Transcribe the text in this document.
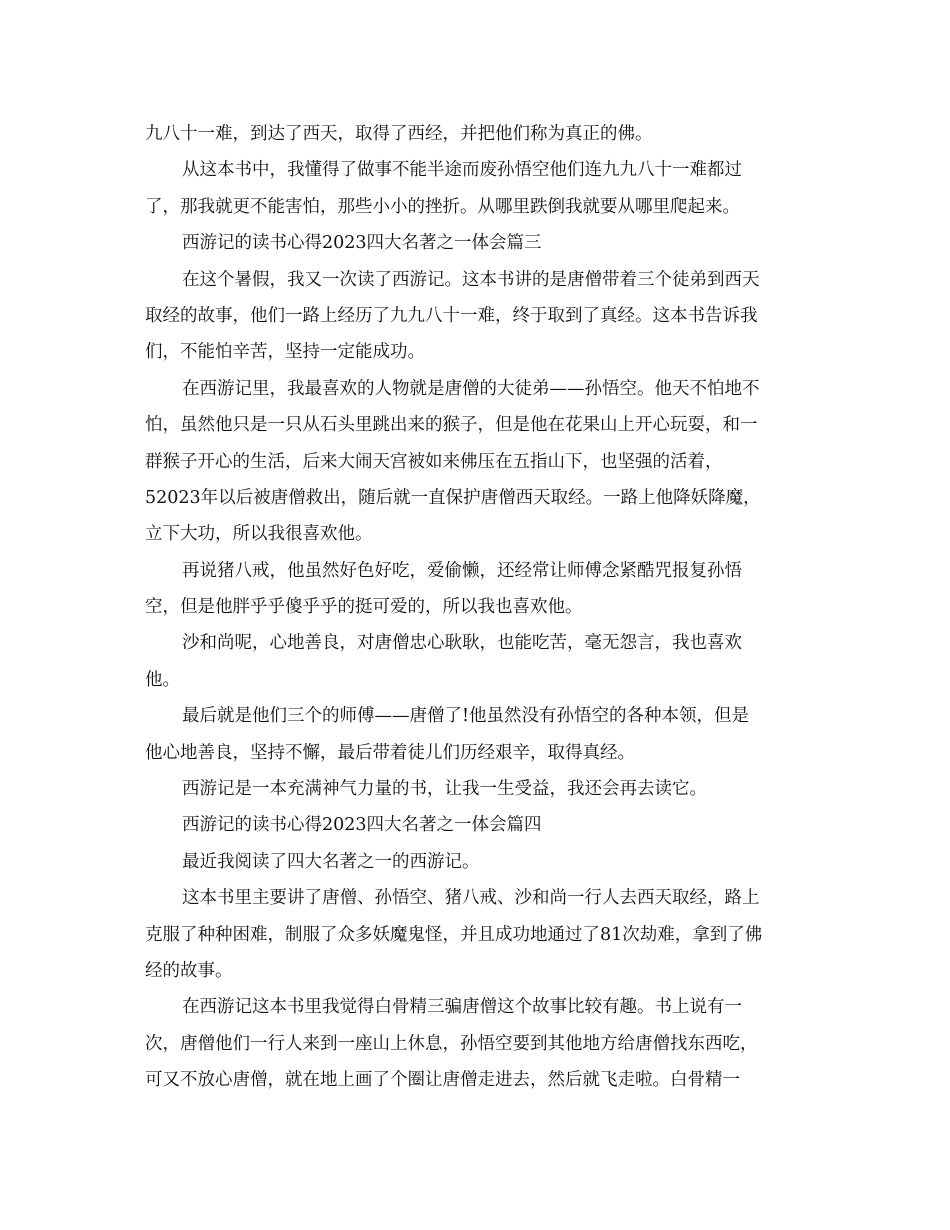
九八十一难，到达了西天，取得了西经，并把他们称为真正的佛。
从这本书中，我懂得了做事不能半途而废孙悟空他们连九九八十一难都过
了，那我就更不能害怕，那些小小的挫折。从哪里跌倒我就要从哪里爬起来。
西游记的读书心得2023四大名著之一体会篇三
在这个暑假，我又一次读了西游记。这本书讲的是唐僧带着三个徒弟到西天
取经的故事，他们一路上经历了九九八十一难，终于取到了真经。这本书告诉我
们，不能怕辛苦，坚持一定能成功。
在西游记里，我最喜欢的人物就是唐僧的大徒弟——孙悟空。他天不怕地不
怕，虽然他只是一只从石头里跳出来的猴子，但是他在花果山上开心玩耍，和一
群猴子开心的生活，后来大闹天宫被如来佛压在五指山下，也坚强的活着，
52023年以后被唐僧救出，随后就一直保护唐僧西天取经。一路上他降妖降魔，
立下大功，所以我很喜欢他。
再说猪八戒，他虽然好色好吃，爱偷懒，还经常让师傅念紧酷咒报复孙悟
空，但是他胖乎乎傻乎乎的挺可爱的，所以我也喜欢他。
沙和尚呢，心地善良，对唐僧忠心耿耿，也能吃苦，毫无怨言，我也喜欢
他。
最后就是他们三个的师傅——唐僧了!他虽然没有孙悟空的各种本领，但是
他心地善良，坚持不懈，最后带着徒儿们历经艰辛，取得真经。
西游记是一本充满神气力量的书，让我一生受益，我还会再去读它。
西游记的读书心得2023四大名著之一体会篇四
最近我阅读了四大名著之一的西游记。
这本书里主要讲了唐僧、孙悟空、猪八戒、沙和尚一行人去西天取经，路上
克服了种种困难，制服了众多妖魔鬼怪，并且成功地通过了81次劫难，拿到了佛
经的故事。
在西游记这本书里我觉得白骨精三骗唐僧这个故事比较有趣。书上说有一
次，唐僧他们一行人来到一座山上休息，孙悟空要到其他地方给唐僧找东西吃，
可又不放心唐僧，就在地上画了个圈让唐僧走进去，然后就飞走啦。白骨精一
